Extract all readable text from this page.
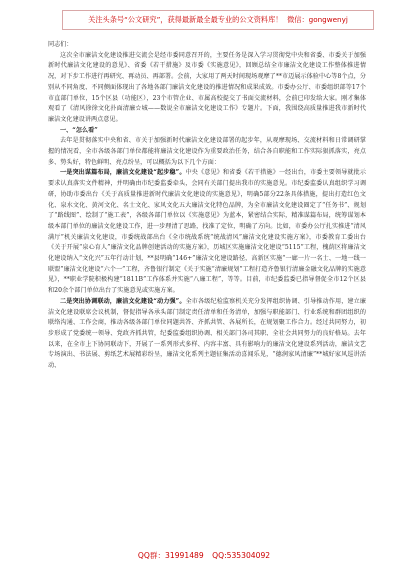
关注头条号“公文研究”，获得最新最全最专业的公文资料库！
微信：gongwenyj

同志们：

这次全市廉洁文化建设推进交流会是经市委同意召开的，主要任务是深入学习贯彻党中央和省委、市委关于加强新时代廉洁文化建设的意见》、省委《若干措施》及市委《实施意见》，回顾总结全市廉洁文化建设工作整体推进情况，对下步工作进行再研究、再动员、再部署。会前，大家用了两天时间现场观摩了**市迈展示体验中心等8个点，分别从不同角度、不同侧面体现出了各地各部门廉洁文化建设的推进情况和成果成效。市委办公厅、市委组织部等17个市直部门单位，15个区县（功能区），23个市管企业、市属高校提交了书面交流材料，会前已印发给大家。刚才集体观看了《清风徐徐文化扑面清廉☆城——数说全市廉洁文化建设工作》专题片。下面，我围绕高质量推进我市新时代廉洁文化建设讲两点意见。

一、“怎么看”

去年是贯彻落实中央和省、市关于加强新时代廉洁文化建设部署的起步年，从观摩现场、交流材料和日常调研掌握的情况看，全市各级各部门单位都能将廉洁文化建设作为重要政治任务，结合各自职能和工作实际狠抓落实，亮点多、势头好，特色鲜明、亮点纷呈，可以概括为以下几个方面：

一是突出谋篇布局，廉洁文化建设“起步稳”。中央《意见》和省委《若干措施》一经出台，市委主要领导就批示要求认真落实文件精神，并明确由市纪委监委牵头，会同有关部门提出我市的实施意见。市纪委监委认真组织学习调研，协助市委出台《关于高质量推进新时代廉洁文化建设的实施意见》，明确5部分22条具体措施，提出打造红色文化、泉水文化、黄河文化、名士文化、家风文化五大廉洁文化特色品牌，为全市廉洁文化建设圈定了“任务书”、规划了“路线图”、绘制了“施工表”，各级各部门单位以《实施意见》为蓝本，紧密结合实际，精准谋篇布局，统筹谋划本级本部门单位的廉洁文化建设工作，进一步理清了思路，找准了定位，明确了方向。比如，市委办公厅扎实推进“清风满厅”机关廉洁文化建设，市委统战部出台《全市统战系统“统战清风”廉洁文化建设实施方案》，市委教育工委出台《关于开展“泉心育人”廉洁文化品牌创建活动的实施方案》，历城区实施廉洁文化建设“5115”工程，槐荫区将廉洁文化建设纳入“文化兴”五年行动计划，**县明确“146+”廉洁文化建设路径，高新区实施“一廊一片一名士、一地一线一联盟”廉洁文化建设“六个一”工程，齐鲁银行制定《关于实施“清廉规划”工程打造齐鲁银行清廉金融文化品牌的实施意见》，**职业学院积极构建“1811B”工作体系并实施“八廉工程”，等等。目前，市纪委监委已指导督促全市12个区县和20余个部门单位出台了实施意见或实施方案。

二是突出协调联动，廉洁文化建设“动力强”。全市各级纪检监察机关充分发挥组织协调、引导推动作用，建立廉洁文化建设联席会议机制，督促指导各承头部门制定责任清单和任务清单，加强与职能部门、行业系统和群团组织的联络沟通、工作会商，推动各级各部门单位同题共答、齐抓共管、各展所长，在规划聚工作合力。经过共同努力，初步形成了党委统一领导、党政齐抓共管，纪委监委组织协调、相关部门各司其职、全社会共同努力的良好格局。去年以来，在全市上下协同联动下，开展了一系列形式多样、内容丰富、具有影响力的廉洁文化建设系列活动，廉洁文艺专场演出、书法展、剪纸艺术展精彩纷呈，廉洁文化系列主题征集活动喜闻乐见，“德润家风清廉”**城好家风巡讲活动、

QQ群：31991489 QQ:535304092
